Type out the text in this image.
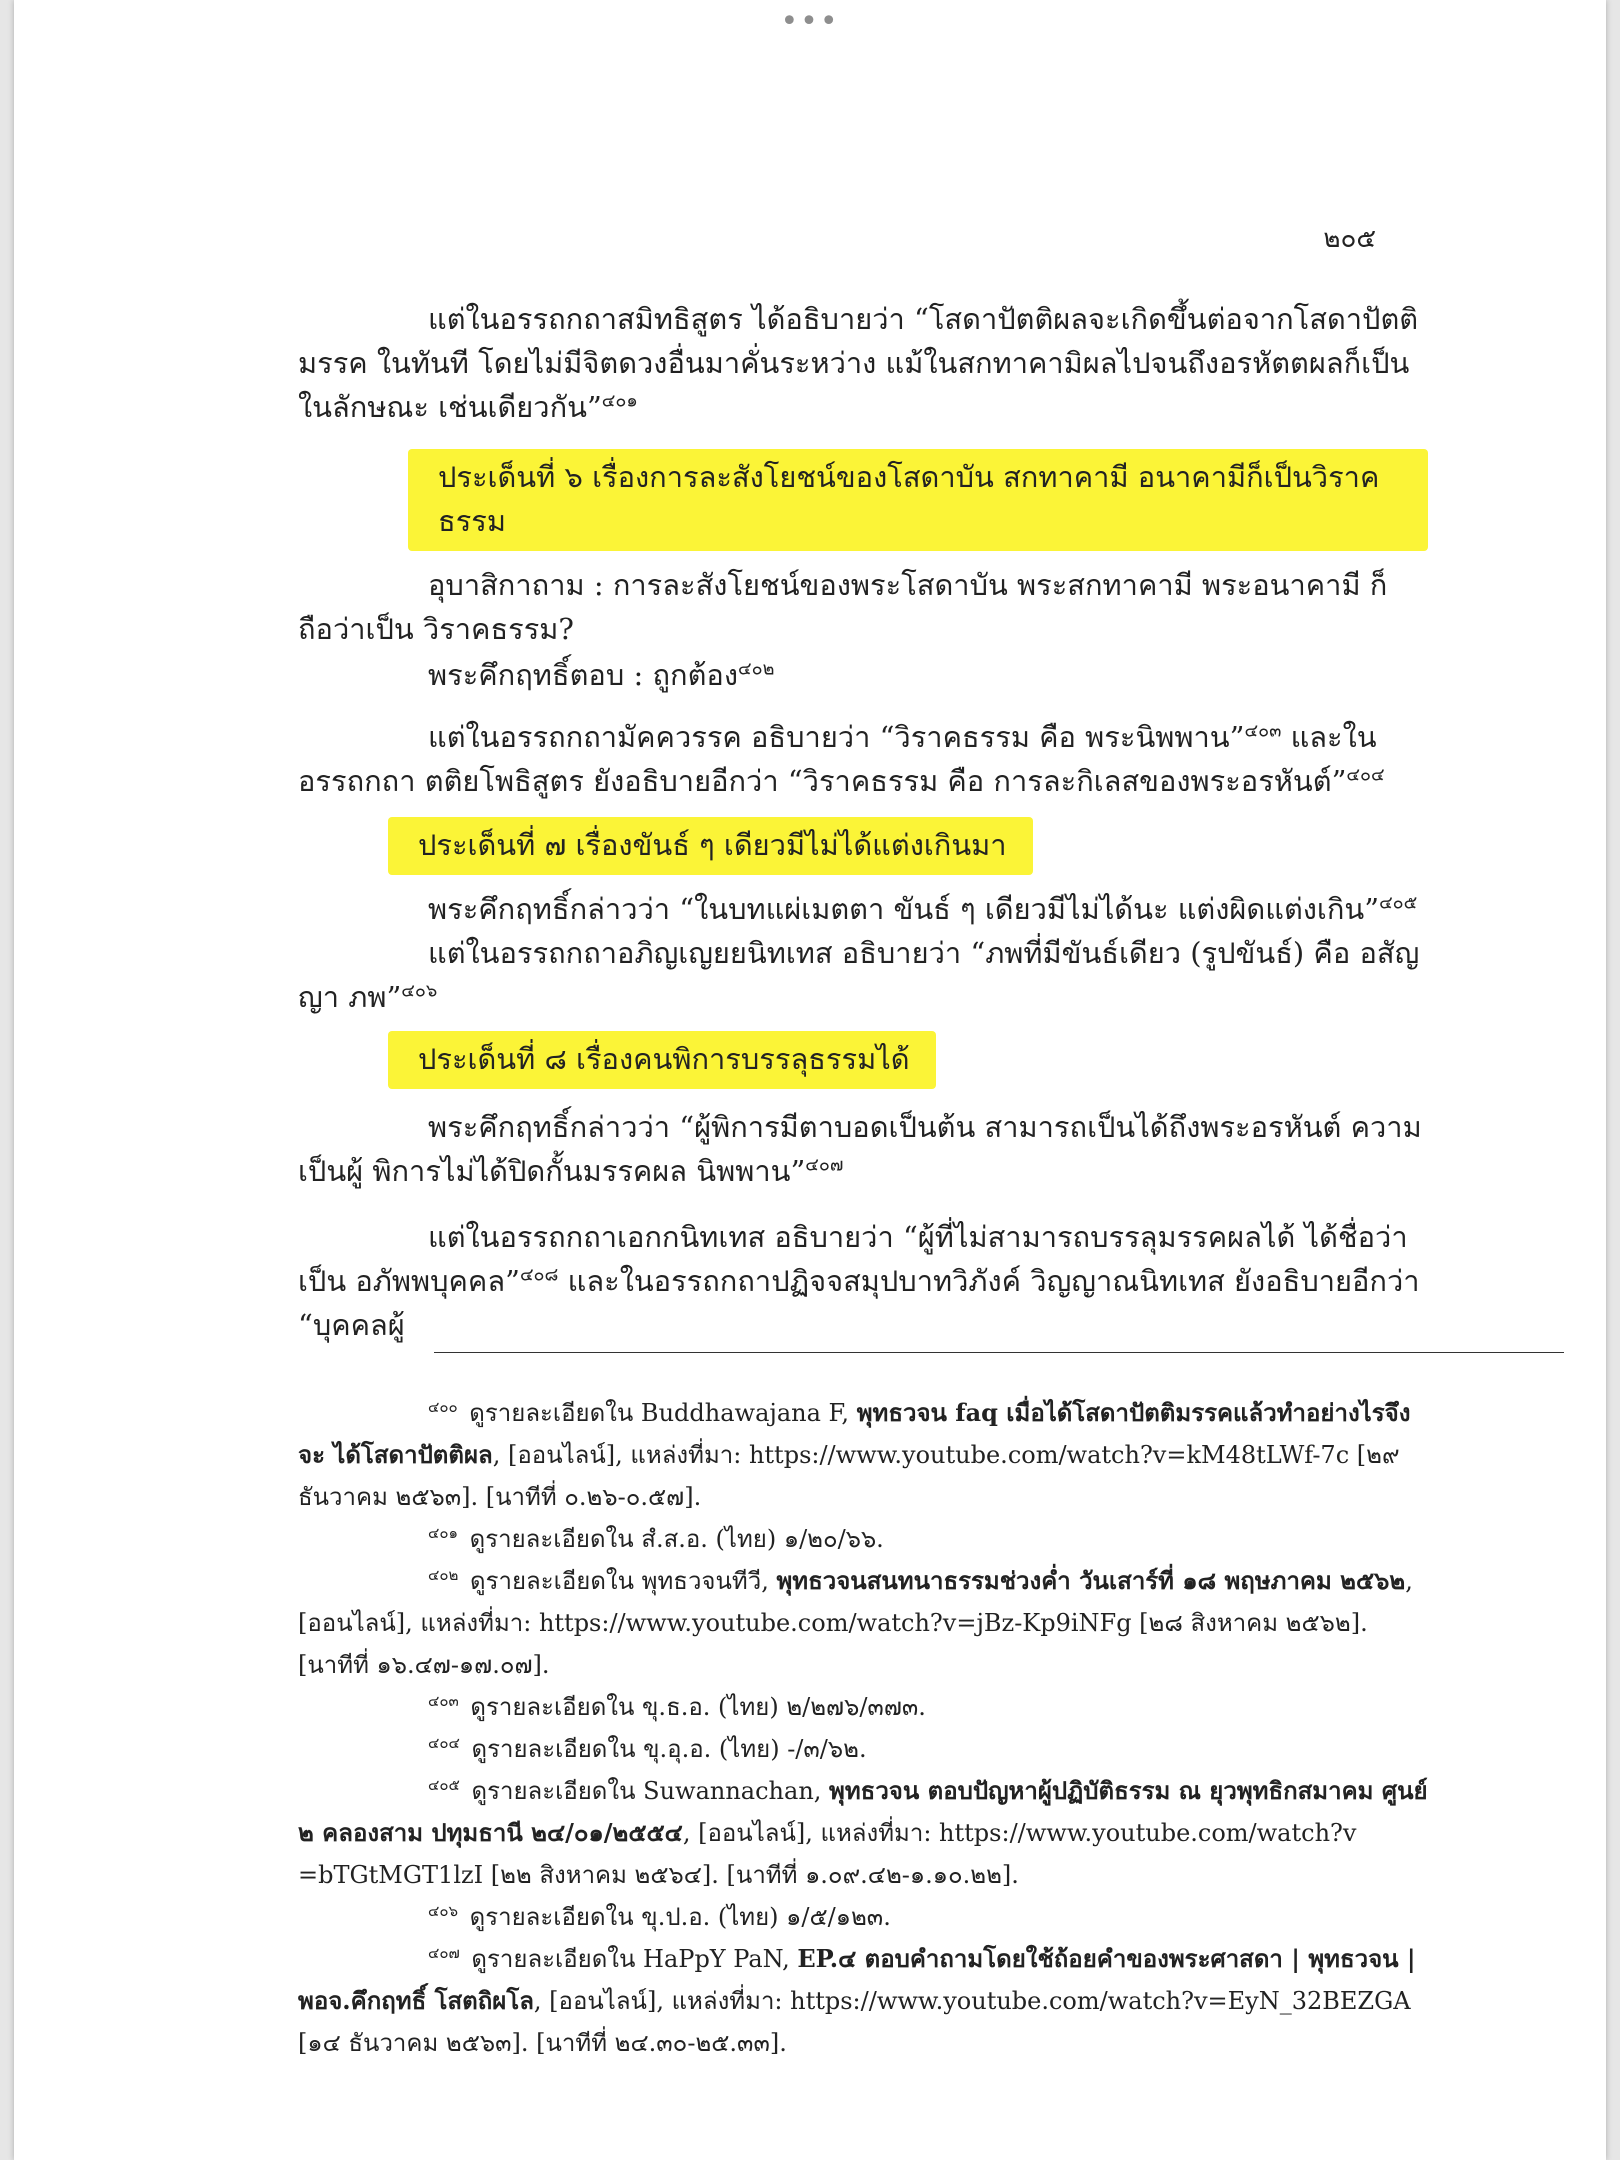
•••
๒๐๕

แต่ในอรรถกถาสมิทธิสูตร ได้อธิบายว่า “โสดาปัตติผลจะเกิดขึ้นต่อจากโสดาปัตติมรรค ในทันที โดยไม่มีจิตดวงอื่นมาคั่นระหว่าง แม้ในสกทาคามิผลไปจนถึงอรหัตตผลก็เป็นในลักษณะ เช่นเดียวกัน”$^{๔๐๑}$

ประเด็นที่ ๖ เรื่องการละสังโยชน์ของโสดาบัน สกทาคามี อนาคามีก็เป็นวิราคธรรม

อุบาสิกาถาม : การละสังโยชน์ของพระโสดาบัน พระสกทาคามี พระอนาคามี ก็ถือว่าเป็น วิราคธรรม?

พระคึกฤทธิ์ตอบ : ถูกต้อง$^{๔๐๒}$

แต่ในอรรถกถามัคควรรค อธิบายว่า “วิราคธรรม คือ พระนิพพาน”$^{๔๐๓}$ และในอรรถกถา ตติยโพธิสูตร ยังอธิบายอีกว่า “วิราคธรรม คือ การละกิเลสของพระอรหันต์”$^{๔๐๔}$

ประเด็นที่ ๗ เรื่องขันธ์ ๆ เดียวมีไม่ได้แต่งเกินมา

พระคึกฤทธิ์กล่าวว่า “ในบทแผ่เมตตา ขันธ์ ๆ เดียวมีไม่ได้นะ แต่งผิดแต่งเกิน”$^{๔๐๕}$

แต่ในอรรถกถาอภิญเญยยนิทเทส อธิบายว่า “ภพที่มีขันธ์เดียว (รูปขันธ์) คือ อสัญญา ภพ”$^{๔๐๖}$

ประเด็นที่ ๘ เรื่องคนพิการบรรลุธรรมได้

พระคึกฤทธิ์กล่าวว่า “ผู้พิการมีตาบอดเป็นต้น สามารถเป็นได้ถึงพระอรหันต์ ความเป็นผู้ พิการไม่ได้ปิดกั้นมรรคผล นิพพาน”$^{๔๐๗}$

แต่ในอรรถกถาเอกกนิทเทส อธิบายว่า “ผู้ที่ไม่สามารถบรรลุมรรคผลได้ ได้ชื่อว่าเป็น อภัพพบุคคล”$^{๔๐๘}$ และในอรรถกถาปฏิจจสมุปบาทวิภังค์ วิญญาณนิทเทส ยังอธิบายอีกว่า “บุคคลผู้

$^{๔๐๐}$ ดูรายละเอียดใน Buddhawajana F, พุทธวจน faq เมื่อได้โสดาปัตติมรรคแล้วทำอย่างไรจึงจะ ได้โสดาปัตติผล, [ออนไลน์], แหล่งที่มา: https://www.youtube.com/watch?v=kM48tLWf-7c [๒๙ ธันวาคม ๒๕๖๓]. [นาทีที่ ๐.๒๖-๐.๕๗].

$^{๔๐๑}$ ดูรายละเอียดใน สํ.ส.อ. (ไทย) ๑/๒๐/๖๖.

$^{๔๐๒}$ ดูรายละเอียดใน พุทธวจนทีวี, พุทธวจนสนทนาธรรมช่วงค่ำ วันเสาร์ที่ ๑๘ พฤษภาคม ๒๕๖๒, [ออนไลน์], แหล่งที่มา: https://www.youtube.com/watch?v=jBz-Kp9iNFg [๒๘ สิงหาคม ๒๕๖๒]. [นาทีที่ ๑๖.๔๗-๑๗.๐๗].

$^{๔๐๓}$ ดูรายละเอียดใน ขุ.ธ.อ. (ไทย) ๒/๒๗๖/๓๗๓.

$^{๔๐๔}$ ดูรายละเอียดใน ขุ.อุ.อ. (ไทย) -/๓/๖๒.

$^{๔๐๕}$ ดูรายละเอียดใน Suwannachan, พุทธวจน ตอบปัญหาผู้ปฏิบัติธรรม ณ ยุวพุทธิกสมาคม ศูนย์ ๒ คลองสาม ปทุมธานี ๒๔/๐๑/๒๕๕๔, [ออนไลน์], แหล่งที่มา: https://www.youtube.com/watch?v =bTGtMGT1lzI [๒๒ สิงหาคม ๒๕๖๔]. [นาทีที่ ๑.๐๙.๔๒-๑.๑๐.๒๒].

$^{๔๐๖}$ ดูรายละเอียดใน ขุ.ป.อ. (ไทย) ๑/๕/๑๒๓.

$^{๔๐๗}$ ดูรายละเอียดใน HaPpY PaN, EP.๔ ตอบคำถามโดยใช้ถ้อยคำของพระศาสดา | พุทธวจน | พอจ.คึกฤทธิ์ โสตถิผโล, [ออนไลน์], แหล่งที่มา: https://www.youtube.com/watch?v=EyN_32BEZGA [๑๔ ธันวาคม ๒๕๖๓]. [นาทีที่ ๒๔.๓๐-๒๕.๓๓].
